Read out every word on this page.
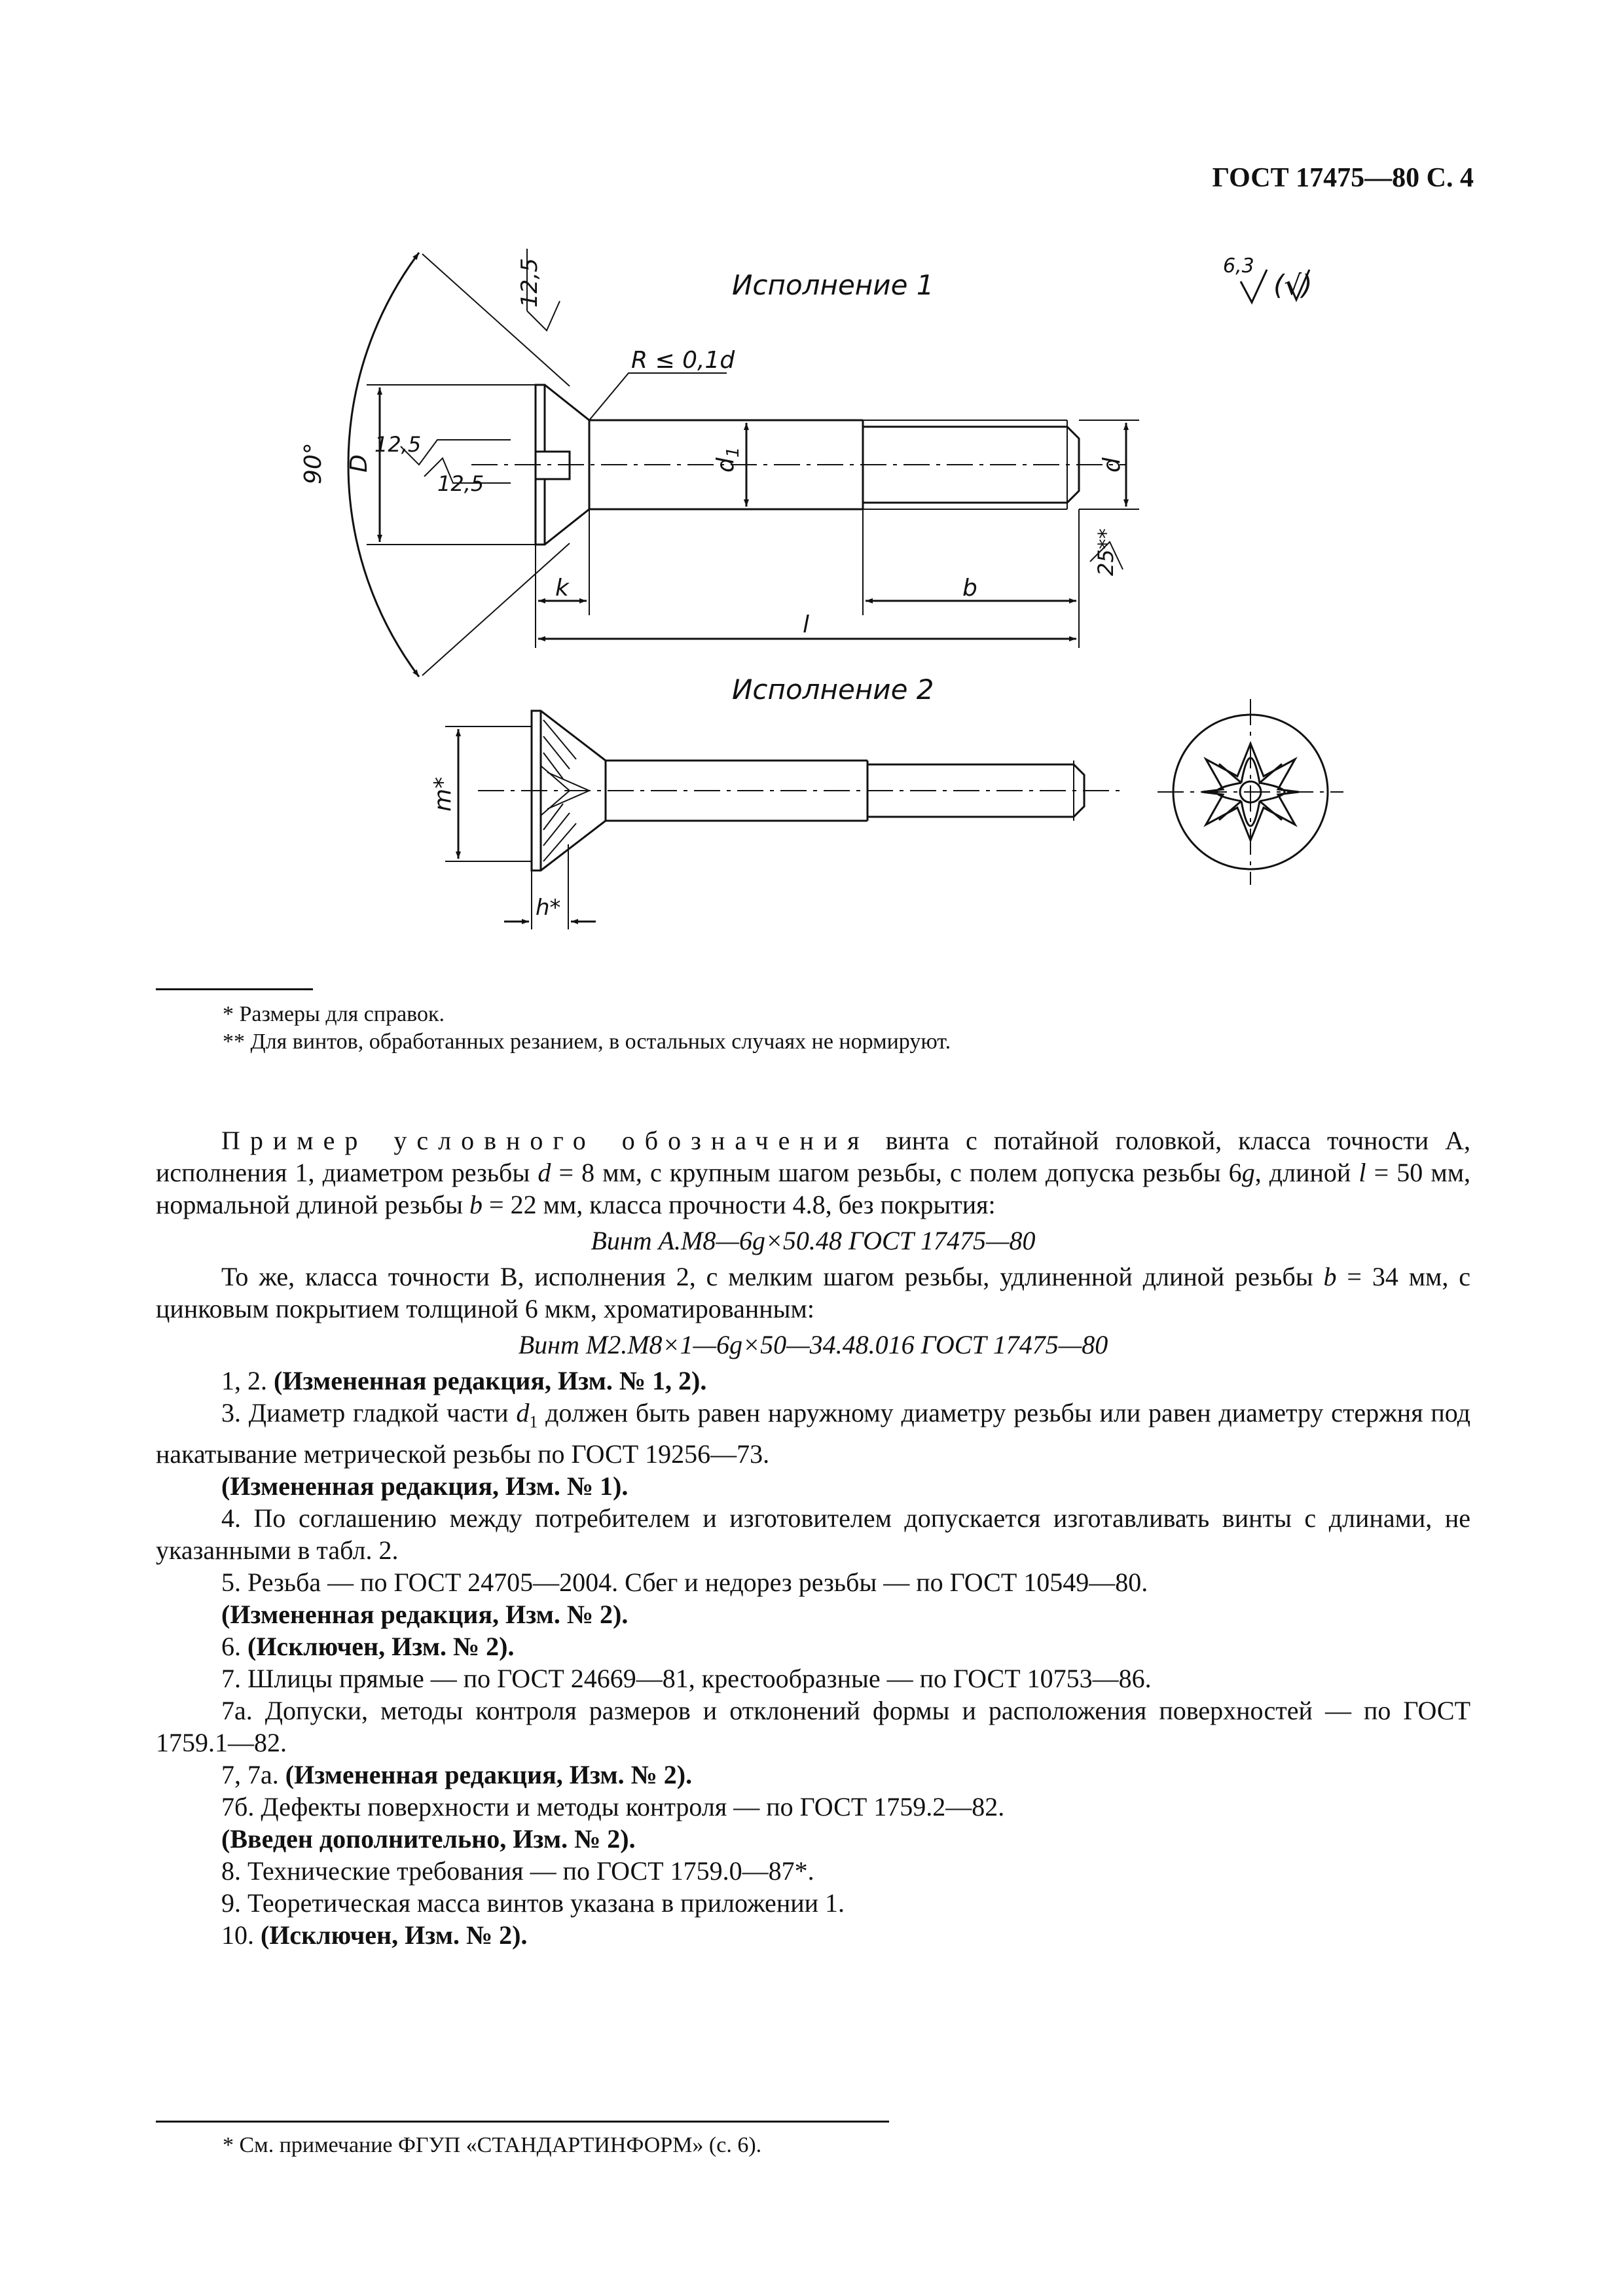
ГОСТ 17475—80 С. 4
Исполнение 1
Исполнение 2
6,3
R ≤ 0,1d
12,5
12,5
12,5
90° D	$d_1$
d
25**
k	b
l
m*
h*
(√)
* Размеры для справок.
** Для винтов, обработанных резанием, в остальных случаях не нормируют.

Пример условного обозначения винта с потайной головкой, класса точности А, исполнения 1, диаметром резьбы d = 8 мм, с крупным шагом резьбы, с полем допуска резьбы 6g, длиной l = 50 мм, нормальной длиной резьбы b = 22 мм, класса прочности 4.8, без покрытия:

Винт А.М8—6g×50.48 ГОСТ 17475—80

То же, класса точности В, исполнения 2, с мелким шагом резьбы, удлиненной длиной резьбы b = 34 мм, с цинковым покрытием толщиной 6 мкм, хроматированным:

Винт М2.М8×1—6g×50—34.48.016 ГОСТ 17475—80

1, 2. (Измененная редакция, Изм. № 1, 2).

3. Диаметр гладкой части $d_1$ должен быть равен наружному диаметру резьбы или равен диаметру стержня под накатывание метрической резьбы по ГОСТ 19256—73.

(Измененная редакция, Изм. № 1).

4. По соглашению между потребителем и изготовителем допускается изготавливать винты с длинами, не указанными в табл. 2.

5. Резьба — по ГОСТ 24705—2004. Сбег и недорез резьбы — по ГОСТ 10549—80.

(Измененная редакция, Изм. № 2).

6. (Исключен, Изм. № 2).

7. Шлицы прямые — по ГОСТ 24669—81, крестообразные — по ГОСТ 10753—86.

7а. Допуски, методы контроля размеров и отклонений формы и расположения поверхностей — по ГОСТ 1759.1—82.

7, 7а. (Измененная редакция, Изм. № 2).

7б. Дефекты поверхности и методы контроля — по ГОСТ 1759.2—82.

(Введен дополнительно, Изм. № 2).

8. Технические требования — по ГОСТ 1759.0—87*.

9. Теоретическая масса винтов указана в приложении 1.

10. (Исключен, Изм. № 2).

* См. примечание ФГУП «СТАНДАРТИНФОРМ» (с. 6).
